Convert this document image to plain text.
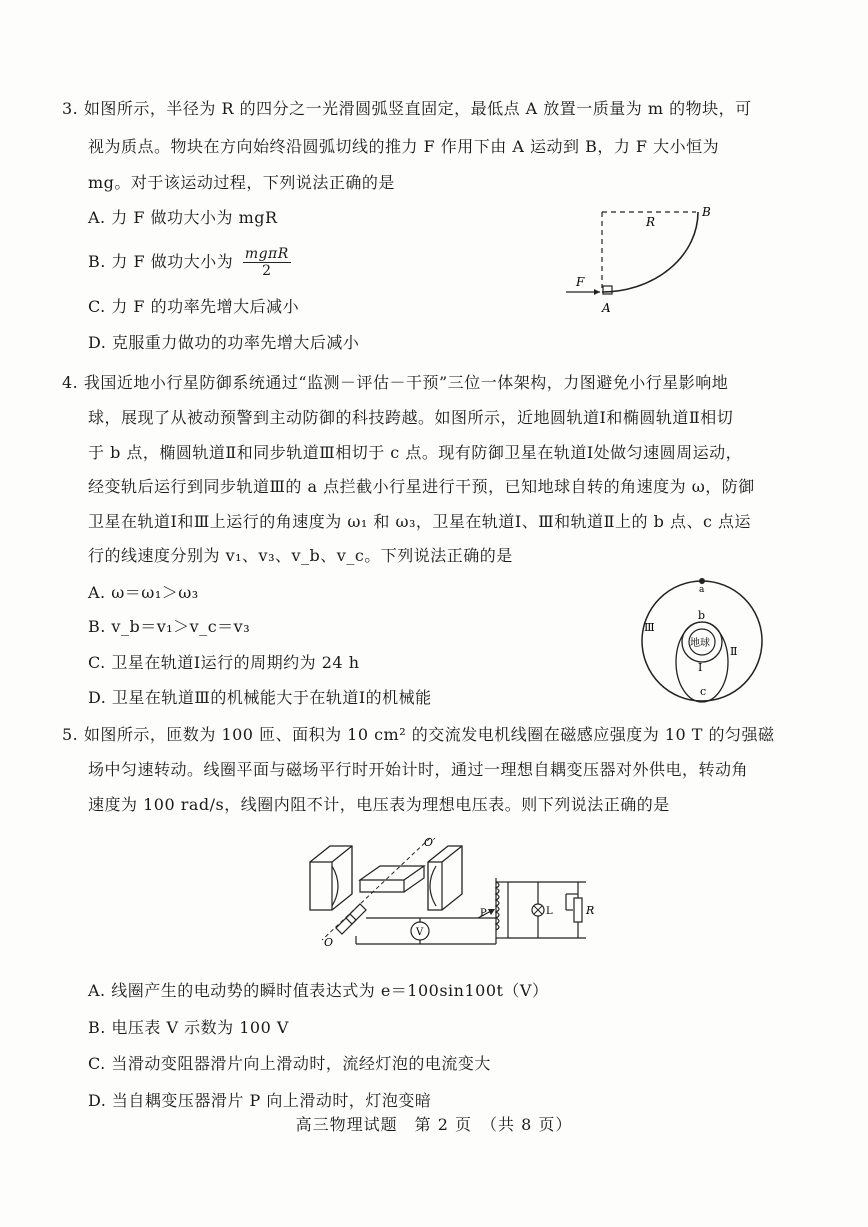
3. 如图所示，半径为 R 的四分之一光滑圆弧竖直固定，最低点 A 放置一质量为 m 的物块，可
视为质点。物块在方向始终沿圆弧切线的推力 F 作用下由 A 运动到 B，力 F 大小恒为
mg。对于该运动过程，下列说法正确的是
A. 力 F 做功大小为 mgR
B. 力 F 做功大小为 $\frac{\text{mgπR}}{2}$
C. 力 F 的功率先增大后减小
D. 克服重力做功的功率先增大后减小
R
B
F
A
4. 我国近地小行星防御系统通过“监测－评估－干预”三位一体架构，力图避免小行星影响地
球，展现了从被动预警到主动防御的科技跨越。如图所示，近地圆轨道Ⅰ和椭圆轨道Ⅱ相切
于 b 点，椭圆轨道Ⅱ和同步轨道Ⅲ相切于 c 点。现有防御卫星在轨道Ⅰ处做匀速圆周运动，
经变轨后运行到同步轨道Ⅲ的 a 点拦截小行星进行干预，已知地球自转的角速度为 ω，防御
卫星在轨道Ⅰ和Ⅲ上运行的角速度为 ω₁ 和 ω₃，卫星在轨道Ⅰ、Ⅲ和轨道Ⅱ上的 b 点、c 点运
行的线速度分别为 v₁、v₃、v_b、v_c。下列说法正确的是
A. ω＝ω₁＞ω₃
B. v_b＝v₁＞v_c＝v₃
C. 卫星在轨道Ⅰ运行的周期约为 24 h
D. 卫星在轨道Ⅲ的机械能大于在轨道Ⅰ的机械能
a
b
地球
Ⅰ
Ⅱ
Ⅲ
c
5. 如图所示，匝数为 100 匝、面积为 10 cm² 的交流发电机线圈在磁感应强度为 10 T 的匀强磁
场中匀速转动。线圈平面与磁场平行时开始计时，通过一理想自耦变压器对外供电，转动角
速度为 100 rad/s，线圈内阻不计，电压表为理想电压表。则下列说法正确的是
V
P	L	R
O′
O
A. 线圈产生的电动势的瞬时值表达式为 e＝100sin100t（V）
B. 电压表 V 示数为 100 V
C. 当滑动变阻器滑片向上滑动时，流经灯泡的电流变大
D. 当自耦变压器滑片 P 向上滑动时，灯泡变暗
高三物理试题　第 2 页　（共 8 页）
